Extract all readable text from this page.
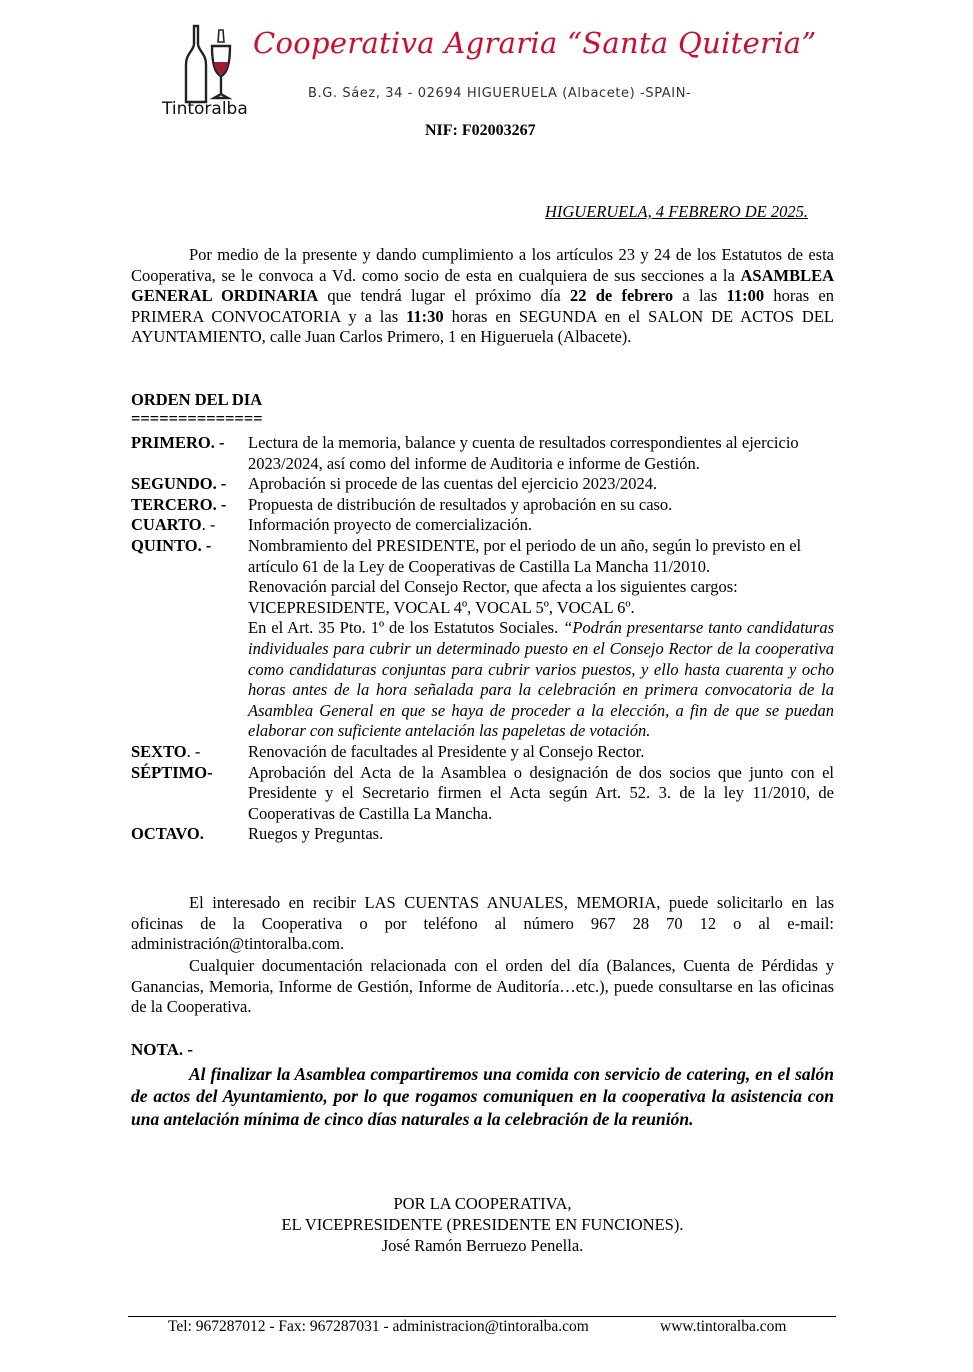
Cooperativa Agraria “Santa Quiteria”
B.G. Sáez, 34 - 02694 HIGUERUELA (Albacete) -SPAIN-
Tintoralba
NIF: F02003267
HIGUERUELA, 4 FEBRERO DE 2025.
Por medio de la presente y dando cumplimiento a los artículos 23 y 24 de los Estatutos de esta Cooperativa, se le convoca a Vd. como socio de esta en cualquiera de sus secciones a la ASAMBLEA GENERAL ORDINARIA que tendrá lugar el próximo día 22 de febrero a las 11:00 horas en PRIMERA CONVOCATORIA y a las 11:30 horas en SEGUNDA en el SALON DE ACTOS DEL AYUNTAMIENTO, calle Juan Carlos Primero, 1 en Higueruela (Albacete).
ORDEN DEL DIA
==============
PRIMERO. -	Lectura de la memoria, balance y cuenta de resultados correspondientes al ejercicio 2023/2024, así como del informe de Auditoria e informe de Gestión.
SEGUNDO. -	Aprobación si procede de las cuentas del ejercicio 2023/2024.
TERCERO. -	Propuesta de distribución de resultados y aprobación en su caso.
CUARTO. -	Información proyecto de comercialización.
QUINTO. -	Nombramiento del PRESIDENTE, por el periodo de un año, según lo previsto en el artículo 61 de la Ley de Cooperativas de Castilla La Mancha 11/2010.
Renovación parcial del Consejo Rector, que afecta a los siguientes cargos: VICEPRESIDENTE, VOCAL 4º, VOCAL 5º, VOCAL 6º.
En el Art. 35 Pto. 1º de los Estatutos Sociales. “Podrán presentarse tanto candidaturas individuales para cubrir un determinado puesto en el Consejo Rector de la cooperativa como candidaturas conjuntas para cubrir varios puestos, y ello hasta cuarenta y ocho horas antes de la hora señalada para la celebración en primera convocatoria de la Asamblea General en que se haya de proceder a la elección, a fin de que se puedan elaborar con suficiente antelación las papeletas de votación.
SEXTO. -	Renovación de facultades al Presidente y al Consejo Rector.
SÉPTIMO-	Aprobación del Acta de la Asamblea o designación de dos socios que junto con el Presidente y el Secretario firmen el Acta según Art. 52. 3. de la ley 11/2010, de Cooperativas de Castilla La Mancha.
OCTAVO.	Ruegos y Preguntas.
El interesado en recibir LAS CUENTAS ANUALES, MEMORIA, puede solicitarlo en las oficinas de la Cooperativa o por teléfono al número 967 28 70 12 o al e-mail: administración@tintoralba.com.
Cualquier documentación relacionada con el orden del día (Balances, Cuenta de Pérdidas y Ganancias, Memoria, Informe de Gestión, Informe de Auditoría…etc.), puede consultarse en las oficinas de la Cooperativa.
NOTA. -
Al finalizar la Asamblea compartiremos una comida con servicio de catering, en el salón de actos del Ayuntamiento, por lo que rogamos comuniquen en la cooperativa la asistencia con una antelación mínima de cinco días naturales a la celebración de la reunión.
POR LA COOPERATIVA,
EL VICEPRESIDENTE (PRESIDENTE EN FUNCIONES).
José Ramón Berruezo Penella.
Tel: 967287012 - Fax: 967287031 - administracion@tintoralba.com	www.tintoralba.com
